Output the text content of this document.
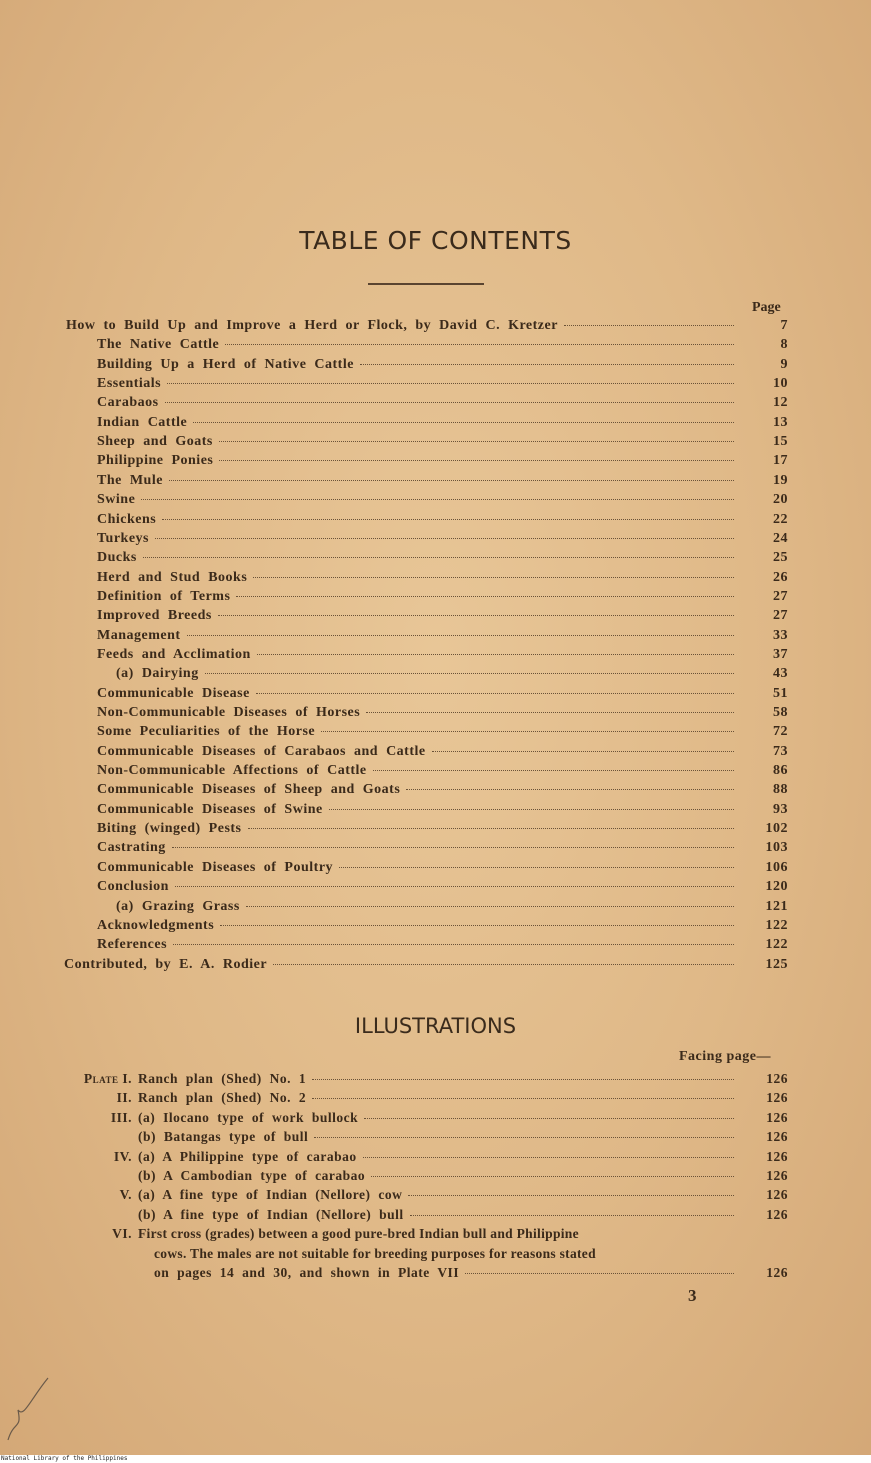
TABLE OF CONTENTS
Page
How to Build Up and Improve a Herd or Flock, by David C. Kretzer	7
The Native Cattle	8
Building Up a Herd of Native Cattle	9
Essentials	10
Carabaos	12
Indian Cattle	13
Sheep and Goats	15
Philippine Ponies	17
The Mule	19
Swine	20
Chickens	22
Turkeys	24
Ducks	25
Herd and Stud Books	26
Definition of Terms	27
Improved Breeds	27
Management	33
Feeds and Acclimation	37
(a) Dairying	43
Communicable Disease	51
Non-Communicable Diseases of Horses	58
Some Peculiarities of the Horse	72
Communicable Diseases of Carabaos and Cattle	73
Non-Communicable Affections of Cattle	86
Communicable Diseases of Sheep and Goats	88
Communicable Diseases of Swine	93
Biting (winged) Pests	102
Castrating	103
Communicable Diseases of Poultry	106
Conclusion	120
(a) Grazing Grass	121
Acknowledgments	122
References	122
Contributed, by E. A. Rodier	125
ILLUSTRATIONS
Facing page—
Plate I. Ranch plan (Shed) No. 1	126
II. Ranch plan (Shed) No. 2	126
III. (a) Ilocano type of work bullock	126
(b) Batangas type of bull	126
IV. (a) A Philippine type of carabao	126
(b) A Cambodian type of carabao	126
V. (a) A fine type of Indian (Nellore) cow	126
(b) A fine type of Indian (Nellore) bull	126
VI. First cross (grades) between a good pure-bred Indian bull and Philippine
cows. The males are not suitable for breeding purposes for reasons stated
on pages 14 and 30, and shown in Plate VII	126
3
National Library of the Philippines
